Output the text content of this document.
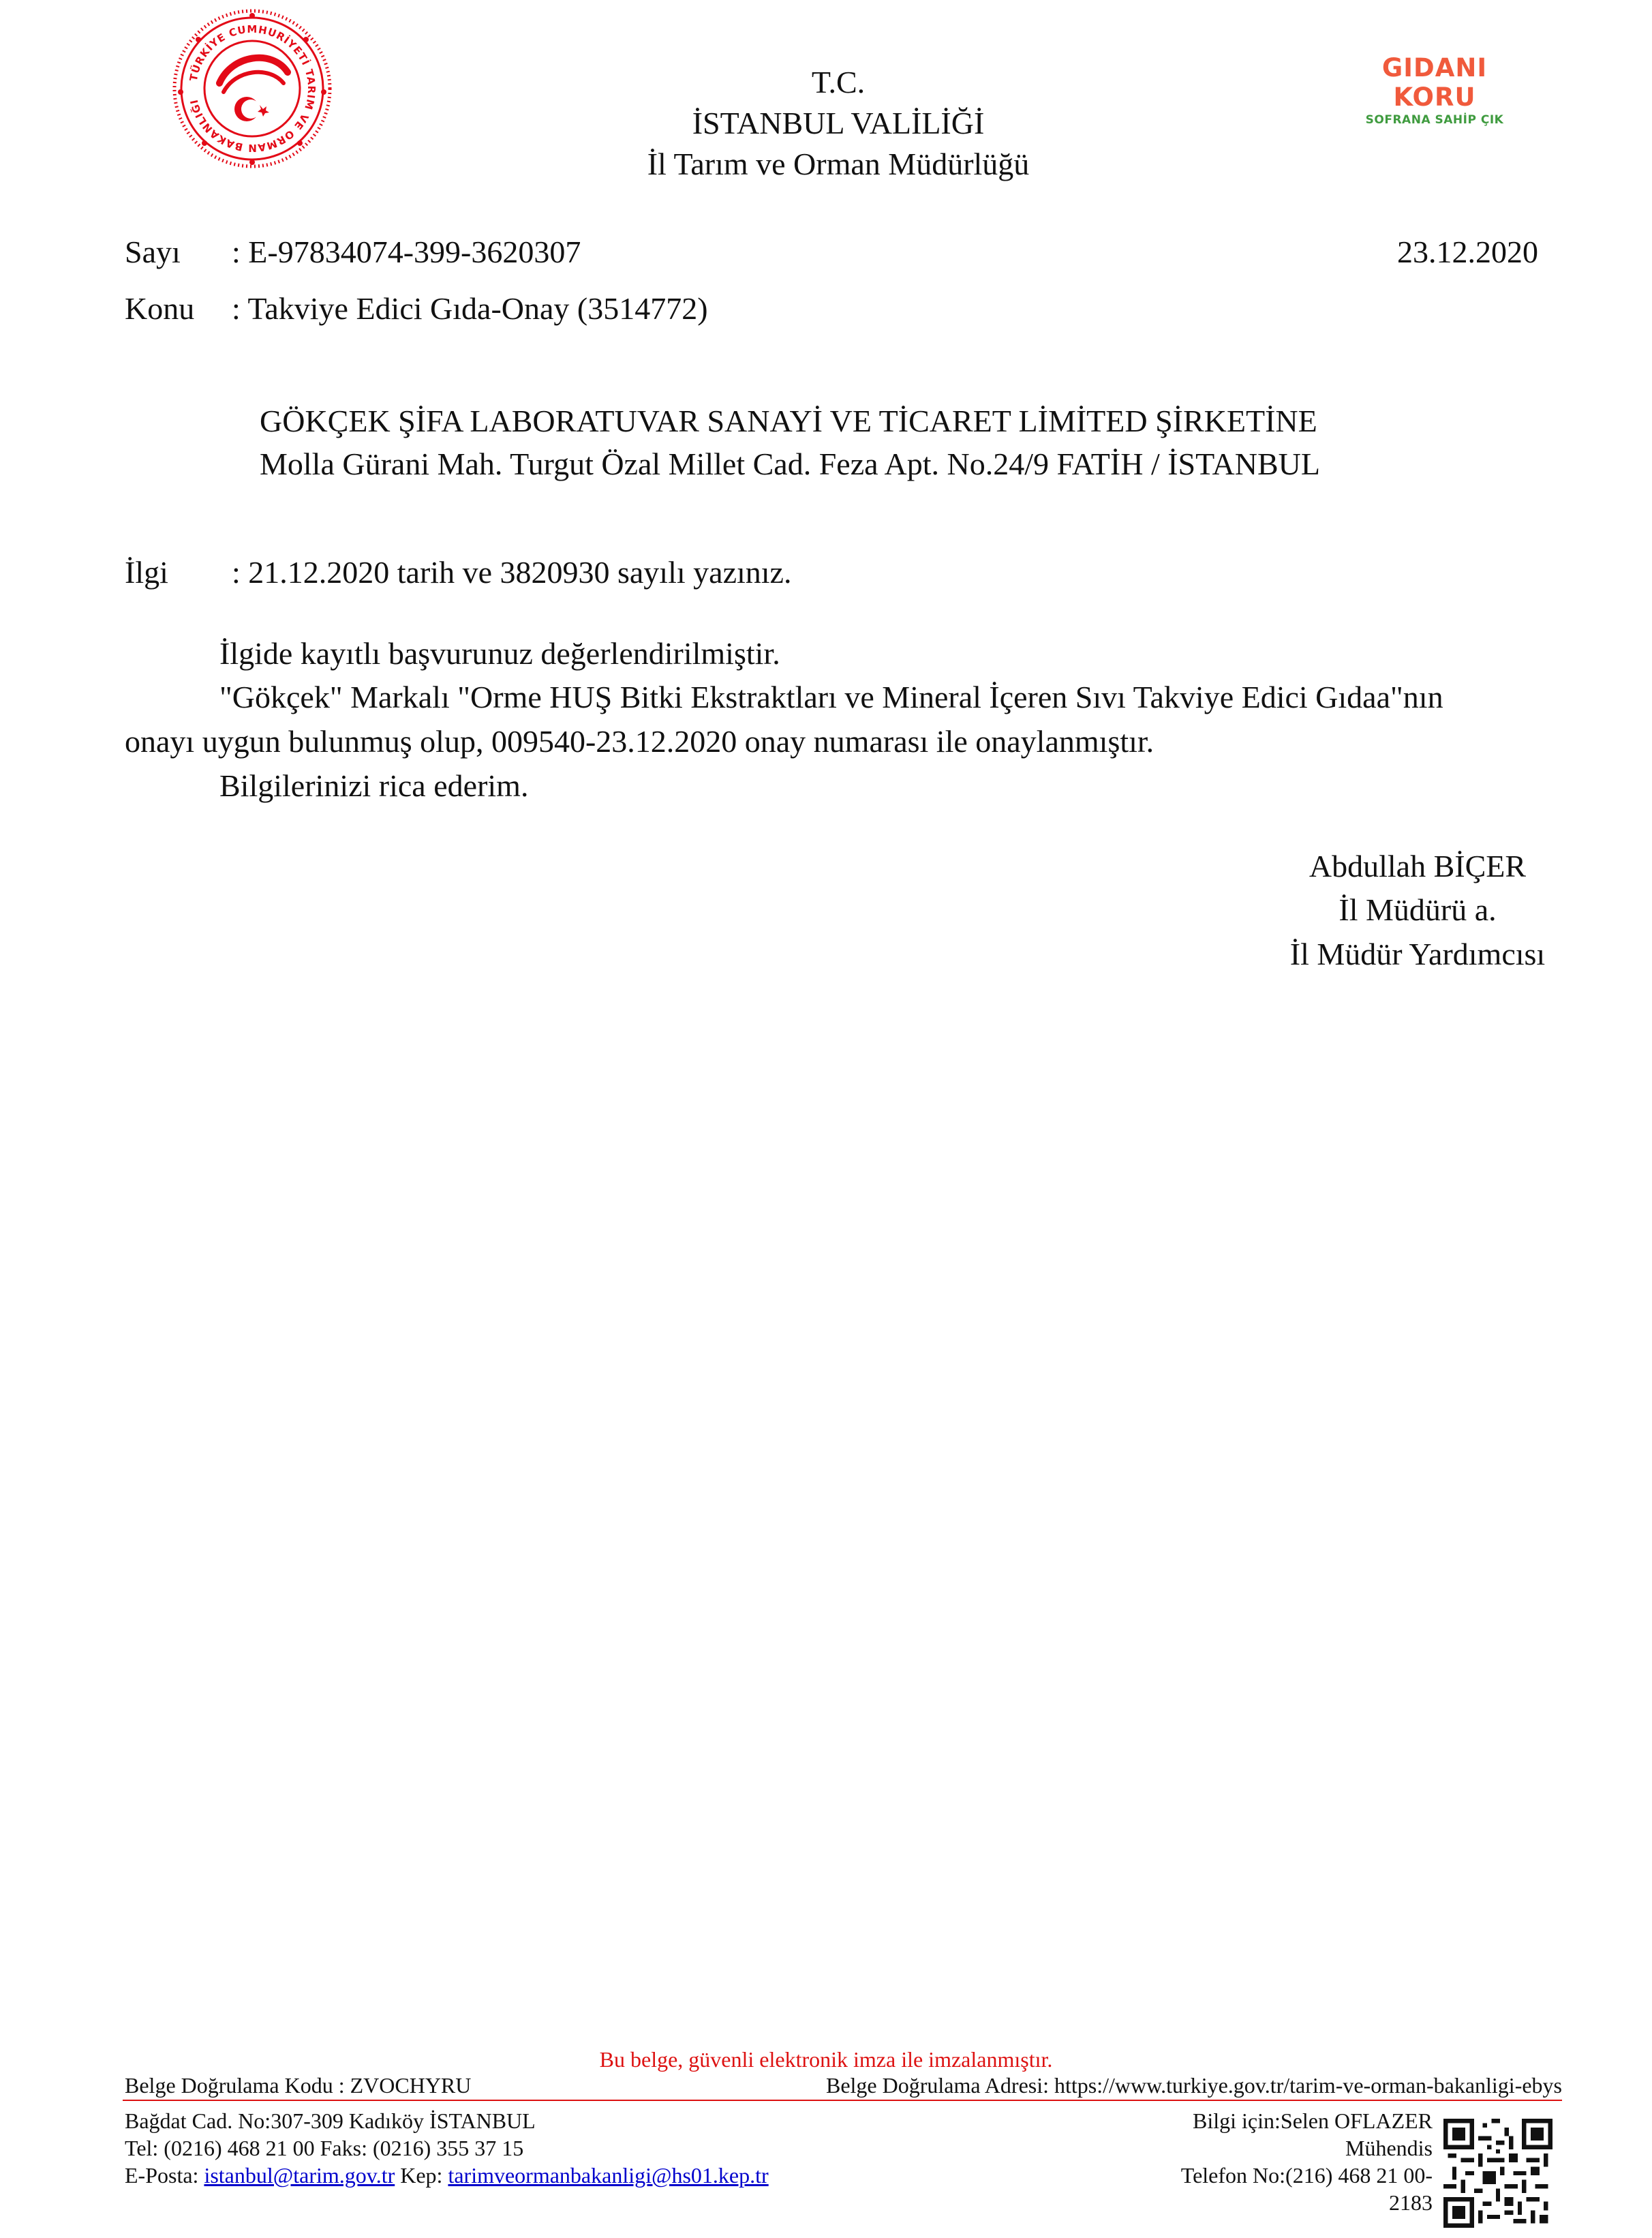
TÜRKİYE CUMHURİYETİ TARIM VE ORMAN BAKANLIĞI
GIDANI KORU
SOFRANA SAHİP ÇIK
T.C.
İSTANBUL VALİLİĞİ
İl Tarım ve Orman Müdürlüğü
Sayı : E-97834074-399-3620307	23.12.2020
Konu : Takviye Edici Gıda-Onay (3514772)
GÖKÇEK ŞİFA LABORATUVAR SANAYİ VE TİCARET LİMİTED ŞİRKETİNE
Molla Gürani Mah. Turgut Özal Millet Cad. Feza Apt. No.24/9 FATİH / İSTANBUL
İlgi : 21.12.2020 tarih ve 3820930 sayılı yazınız.
İlgide kayıtlı başvurunuz değerlendirilmiştir.
"Gökçek" Markalı "Orme HUŞ Bitki Ekstraktları ve Mineral İçeren Sıvı Takviye Edici Gıdaa"nın
onayı uygun bulunmuş olup, 009540-23.12.2020 onay numarası ile onaylanmıştır.
Bilgilerinizi rica ederim.
Abdullah BİÇER
İl Müdürü a.
İl Müdür Yardımcısı
Bu belge, güvenli elektronik imza ile imzalanmıştır.
Belge Doğrulama Kodu : ZVOCHYRU	Belge Doğrulama Adresi: https://www.turkiye.gov.tr/tarim-ve-orman-bakanligi-ebys
Bağdat Cad. No:307-309 Kadıköy İSTANBUL
Tel: (0216) 468 21 00 Faks: (0216) 355 37 15
E-Posta: istanbul@tarim.gov.tr Kep: tarimveormanbakanligi@hs01.kep.tr
Bilgi için:Selen OFLAZER
Mühendis
Telefon No:(216) 468 21 00-
2183
